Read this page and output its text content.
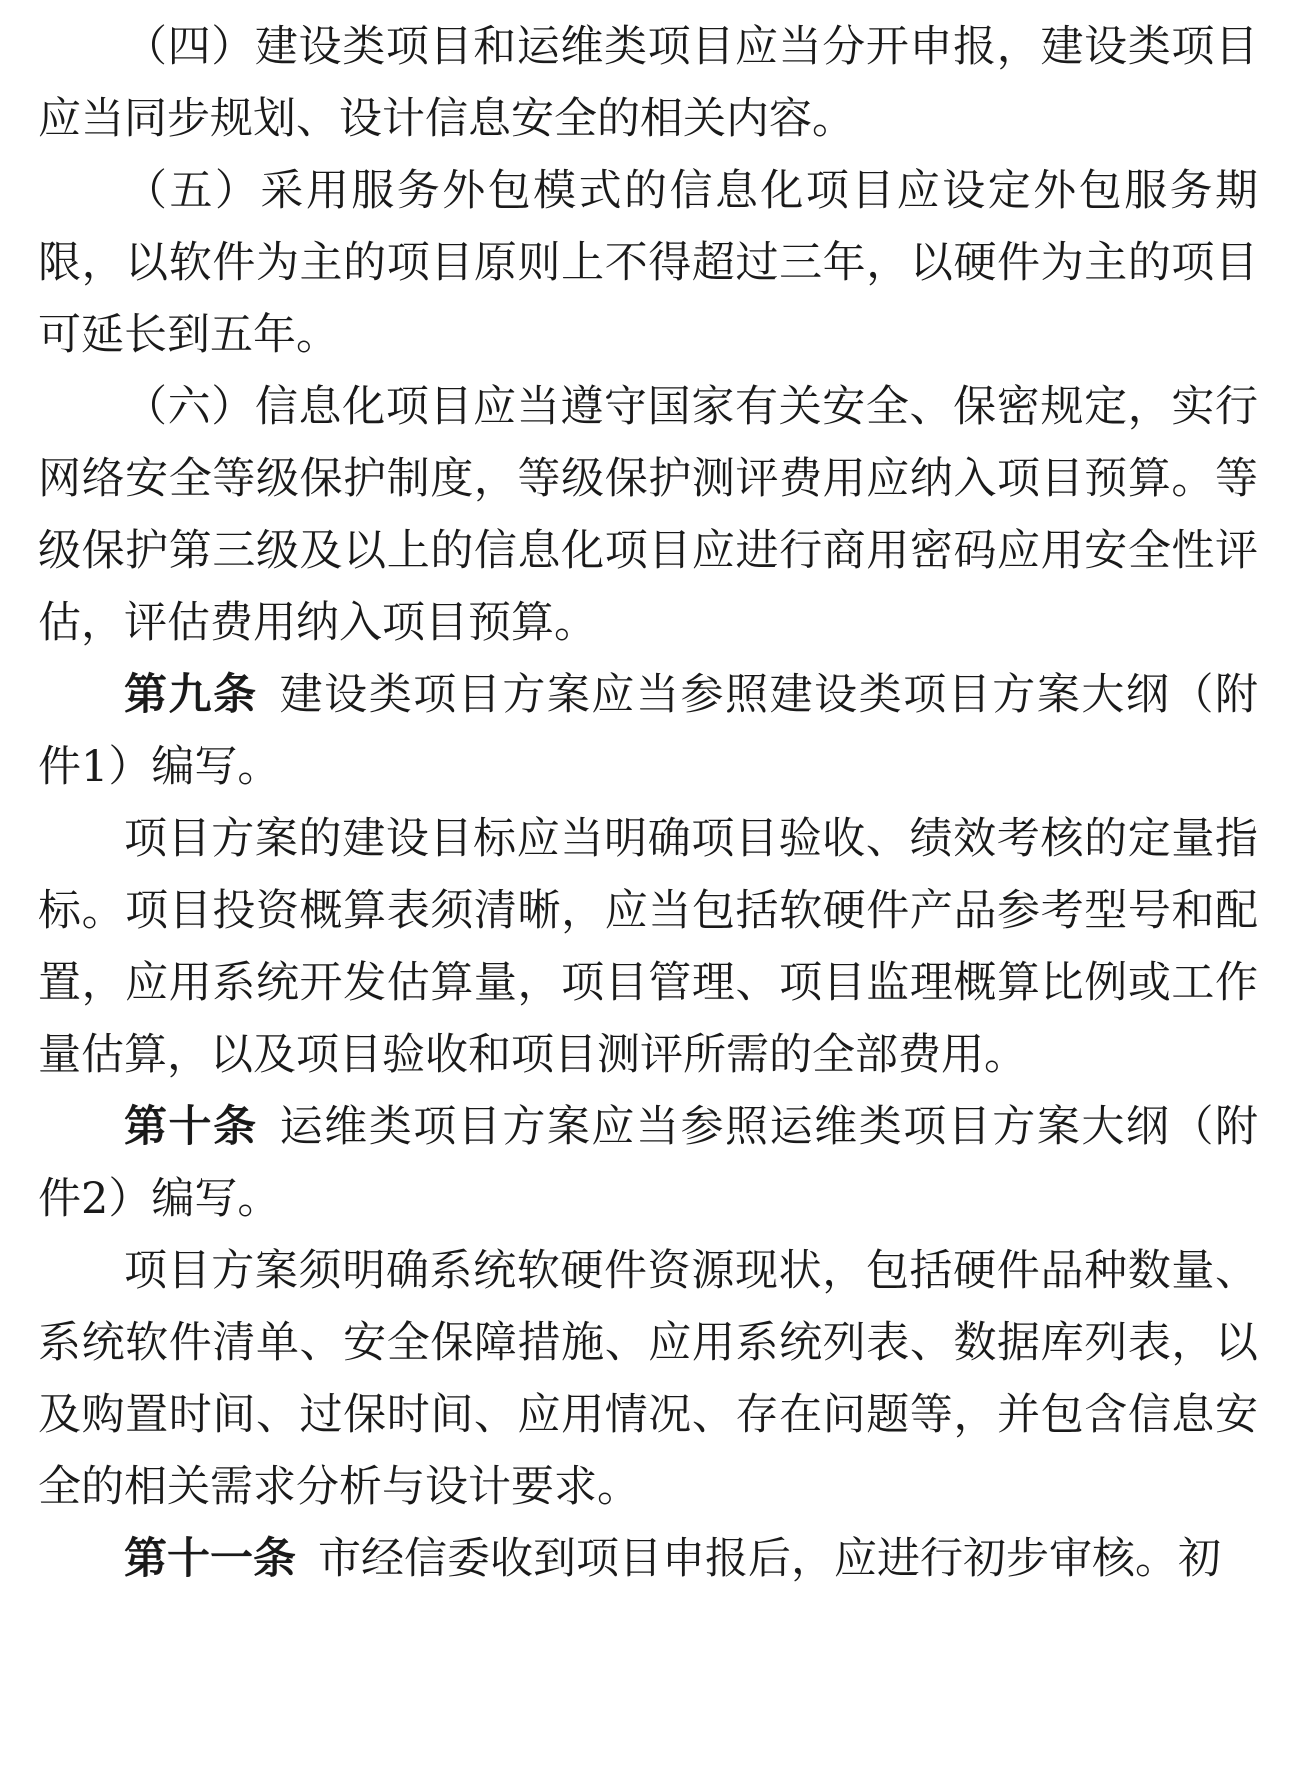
（四）建设类项目和运维类项目应当分开申报，建设类项目应当同步规划、设计信息安全的相关内容。

（五）采用服务外包模式的信息化项目应设定外包服务期限，以软件为主的项目原则上不得超过三年，以硬件为主的项目可延长到五年。

（六）信息化项目应当遵守国家有关安全、保密规定，实行网络安全等级保护制度，等级保护测评费用应纳入项目预算。等级保护第三级及以上的信息化项目应进行商用密码应用安全性评估，评估费用纳入项目预算。

第九条 建设类项目方案应当参照建设类项目方案大纲（附件1）编写。

项目方案的建设目标应当明确项目验收、绩效考核的定量指标。项目投资概算表须清晰，应当包括软硬件产品参考型号和配置，应用系统开发估算量，项目管理、项目监理概算比例或工作量估算，以及项目验收和项目测评所需的全部费用。

第十条 运维类项目方案应当参照运维类项目方案大纲（附件2）编写。

项目方案须明确系统软硬件资源现状，包括硬件品种数量、系统软件清单、安全保障措施、应用系统列表、数据库列表，以及购置时间、过保时间、应用情况、存在问题等，并包含信息安全的相关需求分析与设计要求。

第十一条 市经信委收到项目申报后，应进行初步审核。初
